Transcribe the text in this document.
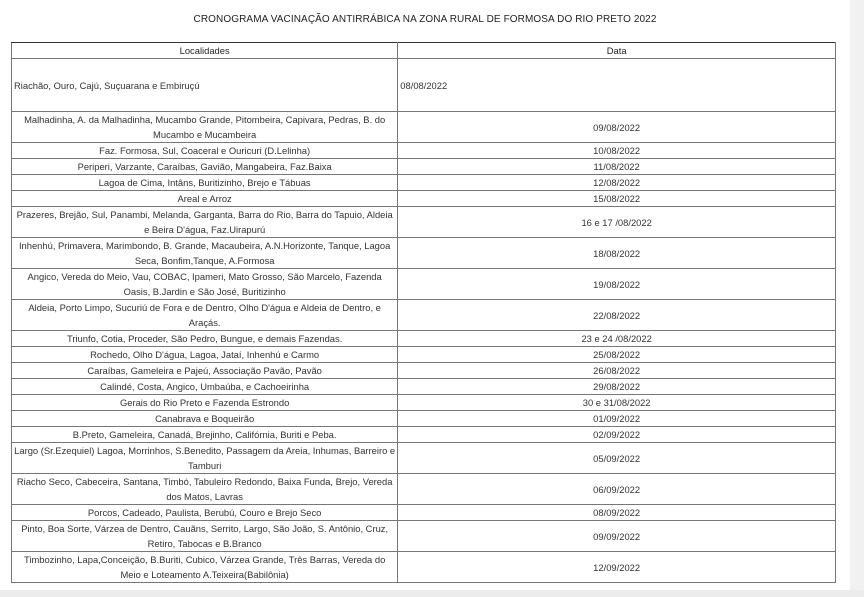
CRONOGRAMA VACINAÇÃO ANTIRRÁBICA NA ZONA RURAL DE FORMOSA DO RIO PRETO 2022
Localidades	Data
Riachão, Ouro, Cajú, Suçuarana e Embiruçú	08/08/2022
Malhadinha, A. da Malhadinha, Mucambo Grande, Pitombeira, Capivara, Pedras, B. do Mucambo e Mucambeira	09/08/2022
Faz. Formosa, Sul, Coaceral e Ouricuri (D.Lelinha)	10/08/2022
Periperi, Varzante, Caraíbas, Gavião, Mangabeira, Faz.Baixa	11/08/2022
Lagoa de Cima, Intâns, Buritizinho, Brejo e Tábuas	12/08/2022
Areal e Arroz	15/08/2022
Prazeres, Brejão, Sul, Panambi, Melanda, Garganta, Barra do Rio, Barra do Tapuio, Aldeia e Beira D'água, Faz.Uirapurú	16 e 17 /08/2022
Inhenhú, Primavera, Marimbondo, B. Grande, Macaubeira, A.N.Horizonte, Tanque, Lagoa Seca, Bonfim,Tanque, A.Formosa	18/08/2022
Angico, Vereda do Meio, Vau, COBAC, Ipameri, Mato Grosso, São Marcelo, Fazenda Oasis, B.Jardin e São José, Buritizinho	19/08/2022
Aldeia, Porto Limpo, Sucuriú de Fora e de Dentro, Olho D'água e Aldeia de Dentro, e Araçás.	22/08/2022
Triunfo, Cotia, Proceder, São Pedro, Bungue, e demais Fazendas.	23 e 24 /08/2022
Rochedo, Olho D'água, Lagoa, Jataí, Inhenhú e Carmo	25/08/2022
Caraíbas, Gameleira e Pajeú, Associação Pavão, Pavão	26/08/2022
Calindé, Costa, Angico, Umbaúba, e Cachoeirinha	29/08/2022
Gerais do Rio Preto e Fazenda Estrondo	30 e 31/08/2022
Canabrava e Boqueirão	01/09/2022
B.Preto, Gameleira, Canadá, Brejinho, Califórnia, Buriti e Peba.	02/09/2022
Largo (Sr.Ezequiel) Lagoa, Morrinhos, S.Benedito, Passagem da Areia, Inhumas, Barreiro e Tamburi	05/09/2022
Riacho Seco, Cabeceira, Santana, Timbó, Tabuleiro Redondo, Baixa Funda, Brejo, Vereda dos Matos, Lavras	06/09/2022
Porcos, Cadeado, Paulista, Berubú, Couro e Brejo Seco	08/09/2022
Pinto, Boa Sorte, Várzea de Dentro, Cauãns, Serrito, Largo, São João, S. Antônio, Cruz, Retiro, Tabocas e B.Branco	09/09/2022
Timbozinho, Lapa,Conceição, B.Buriti, Cubico, Várzea Grande, Três Barras, Vereda do Meio e Loteamento A.Teixeira(Babilônia)	12/09/2022
